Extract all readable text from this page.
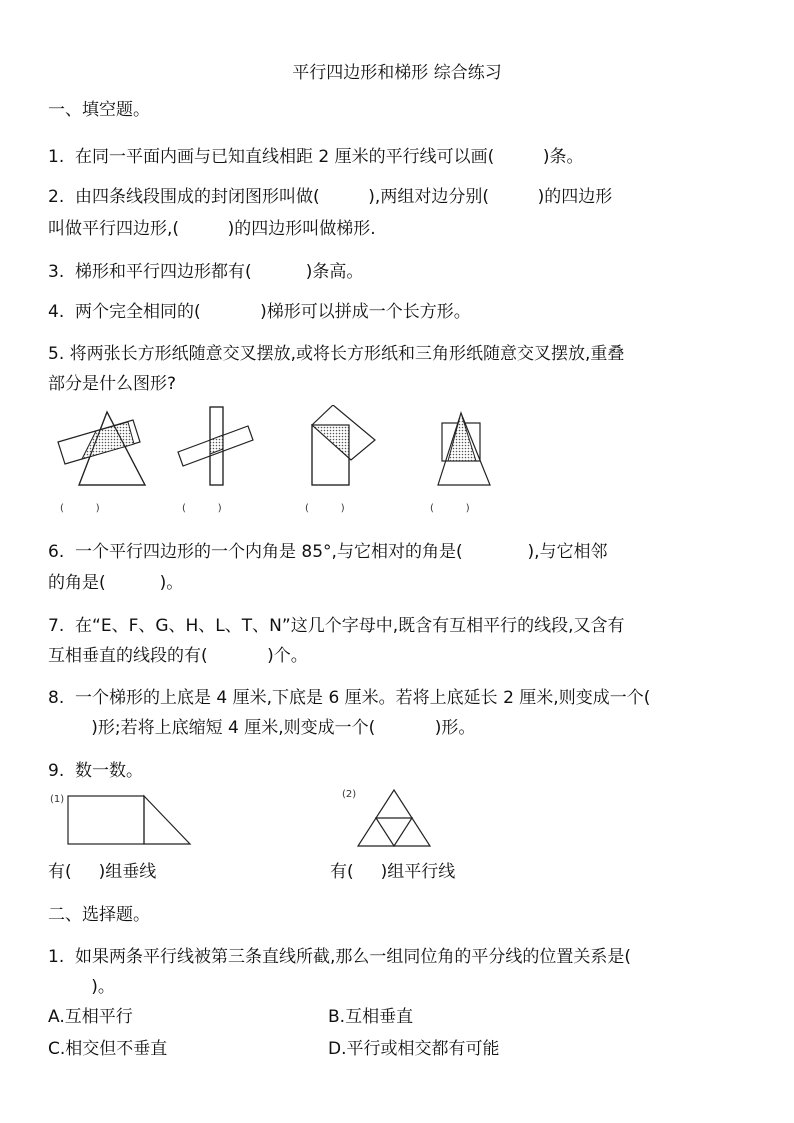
平行四边形和梯形 综合练习
一、填空题。
1.  在同一平面内画与已知直线相距 2 厘米的平行线可以画(         )条。
2.  由四条线段围成的封闭图形叫做(         ),两组对边分别(         )的四边形
叫做平行四边形,(         )的四边形叫做梯形.
3.  梯形和平行四边形都有(          )条高。
4.  两个完全相同的(           )梯形可以拼成一个长方形。
5. 将两张长方形纸随意交叉摆放,或将长方形纸和三角形纸随意交叉摆放,重叠
部分是什么图形?
(          )	(          )	(          )	(          )
6.  一个平行四边形的一个内角是 85°,与它相对的角是(            ),与它相邻
的角是(          )。
7.  在“E、F、G、H、L、T、N”这几个字母中,既含有互相平行的线段,又含有
互相垂直的线段的有(           )个。
8.  一个梯形的上底是 4 厘米,下底是 6 厘米。若将上底延长 2 厘米,则变成一个(
)形;若将上底缩短 4 厘米,则变成一个(           )形。
9.  数一数。
(1)	(2)
有(     )组垂线	有(     )组平行线
二、选择题。
1.  如果两条平行线被第三条直线所截,那么一组同位角的平分线的位置关系是(
)。
A.互相平行	B.互相垂直
C.相交但不垂直	D.平行或相交都有可能
